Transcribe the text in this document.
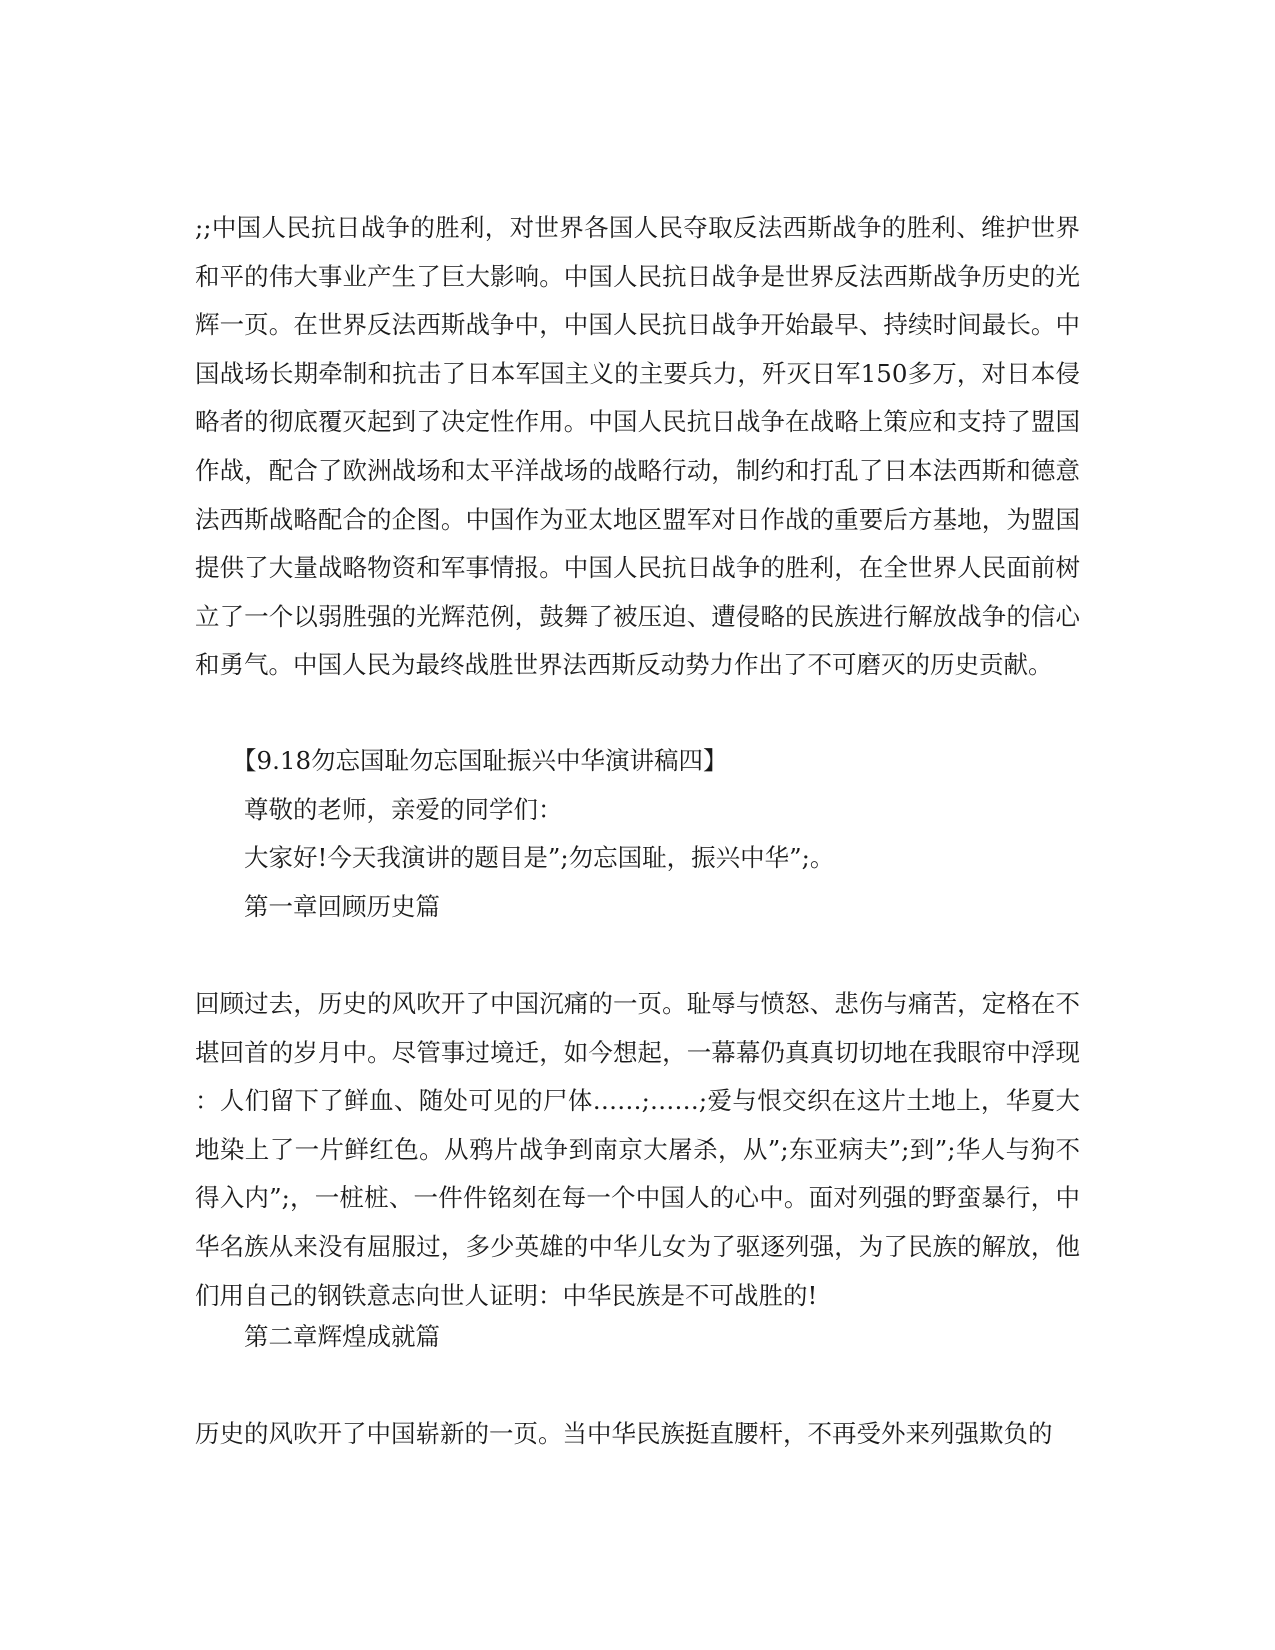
;;中国人民抗日战争的胜利，对世界各国人民夺取反法西斯战争的胜利、维护世界和平的伟大事业产生了巨大影响。中国人民抗日战争是世界反法西斯战争历史的光辉一页。在世界反法西斯战争中，中国人民抗日战争开始最早、持续时间最长。中国战场长期牵制和抗击了日本军国主义的主要兵力，歼灭日军150多万，对日本侵略者的彻底覆灭起到了决定性作用。中国人民抗日战争在战略上策应和支持了盟国作战，配合了欧洲战场和太平洋战场的战略行动，制约和打乱了日本法西斯和德意法西斯战略配合的企图。中国作为亚太地区盟军对日作战的重要后方基地，为盟国提供了大量战略物资和军事情报。中国人民抗日战争的胜利，在全世界人民面前树立了一个以弱胜强的光辉范例，鼓舞了被压迫、遭侵略的民族进行解放战争的信心和勇气。中国人民为最终战胜世界法西斯反动势力作出了不可磨灭的历史贡献。

【9.18勿忘国耻勿忘国耻振兴中华演讲稿四】

尊敬的老师，亲爱的同学们：

大家好!今天我演讲的题目是”;勿忘国耻，振兴中华”;。

第一章回顾历史篇

回顾过去，历史的风吹开了中国沉痛的一页。耻辱与愤怒、悲伤与痛苦，定格在不堪回首的岁月中。尽管事过境迁，如今想起，一幕幕仍真真切切地在我眼帘中浮现：人们留下了鲜血、随处可见的尸体……;……;爱与恨交织在这片土地上，华夏大地染上了一片鲜红色。从鸦片战争到南京大屠杀，从”;东亚病夫”;到”;华人与狗不得入内”;，一桩桩、一件件铭刻在每一个中国人的心中。面对列强的野蛮暴行，中华名族从来没有屈服过，多少英雄的中华儿女为了驱逐列强，为了民族的解放，他们用自己的钢铁意志向世人证明：中华民族是不可战胜的!

第二章辉煌成就篇

历史的风吹开了中国崭新的一页。当中华民族挺直腰杆，不再受外来列强欺负的
